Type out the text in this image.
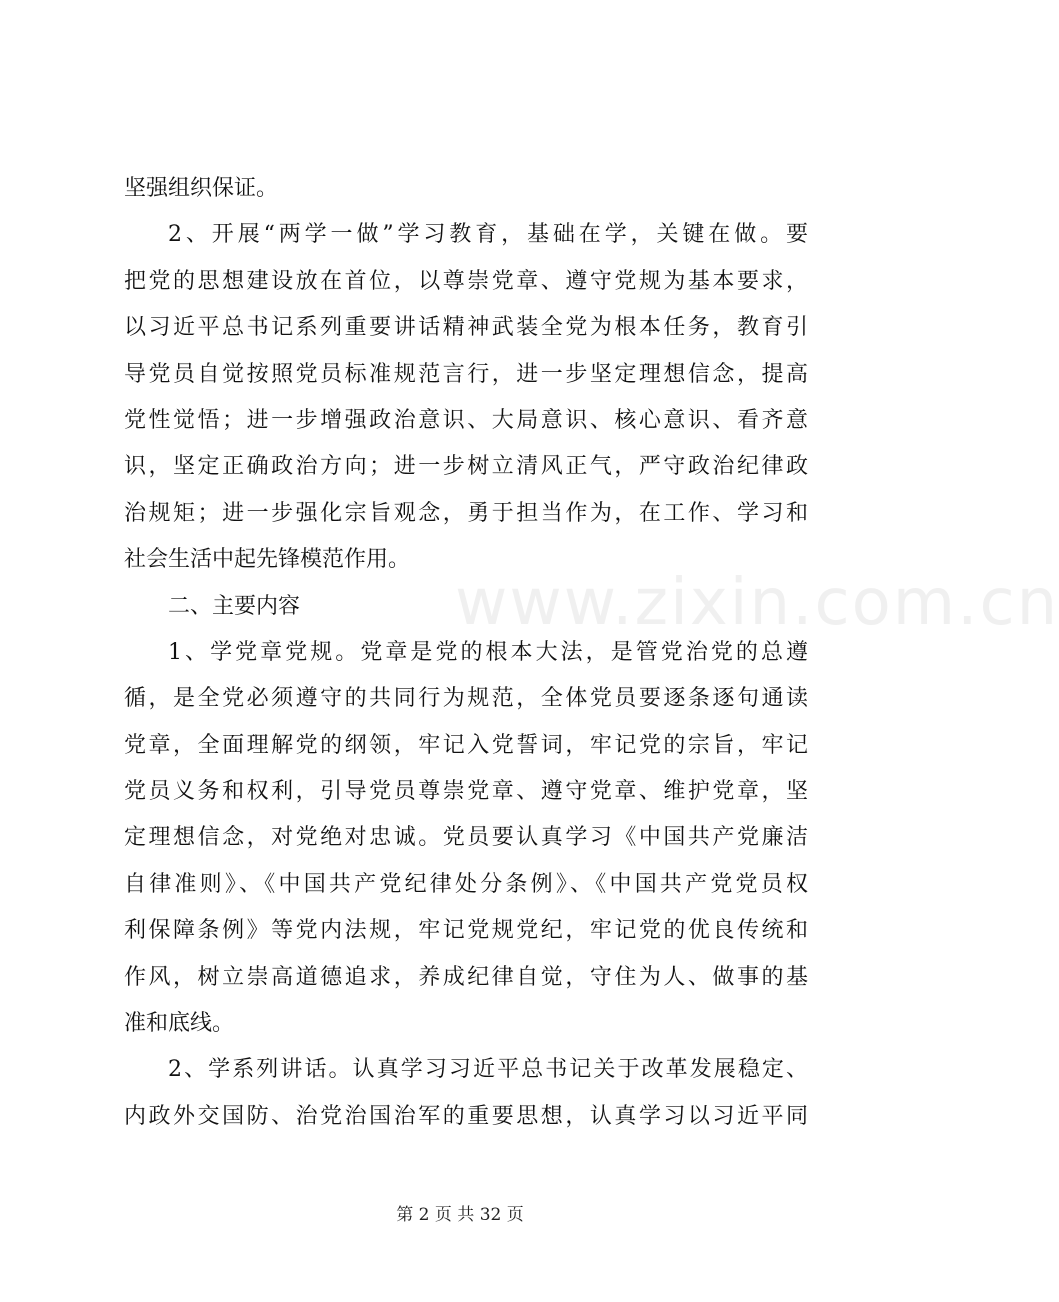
www.zixin.com.cn
坚强组织保证。
2、开展“两学一做”学习教育，基础在学，关键在做。要
把党的思想建设放在首位，以尊崇党章、遵守党规为基本要求，
以习近平总书记系列重要讲话精神武装全党为根本任务，教育引
导党员自觉按照党员标准规范言行，进一步坚定理想信念，提高
党性觉悟；进一步增强政治意识、大局意识、核心意识、看齐意
识，坚定正确政治方向；进一步树立清风正气，严守政治纪律政
治规矩；进一步强化宗旨观念，勇于担当作为，在工作、学习和
社会生活中起先锋模范作用。
二、主要内容
1、学党章党规。党章是党的根本大法，是管党治党的总遵
循，是全党必须遵守的共同行为规范，全体党员要逐条逐句通读
党章，全面理解党的纲领，牢记入党誓词，牢记党的宗旨，牢记
党员义务和权利，引导党员尊崇党章、遵守党章、维护党章，坚
定理想信念，对党绝对忠诚。党员要认真学习《中国共产党廉洁
自律准则》、《中国共产党纪律处分条例》、《中国共产党党员权
利保障条例》等党内法规，牢记党规党纪，牢记党的优良传统和
作风，树立崇高道德追求，养成纪律自觉，守住为人、做事的基
准和底线。
2、学系列讲话。认真学习习近平总书记关于改革发展稳定、
内政外交国防、治党治国治军的重要思想，认真学习以习近平同
第 2 页 共 32 页
